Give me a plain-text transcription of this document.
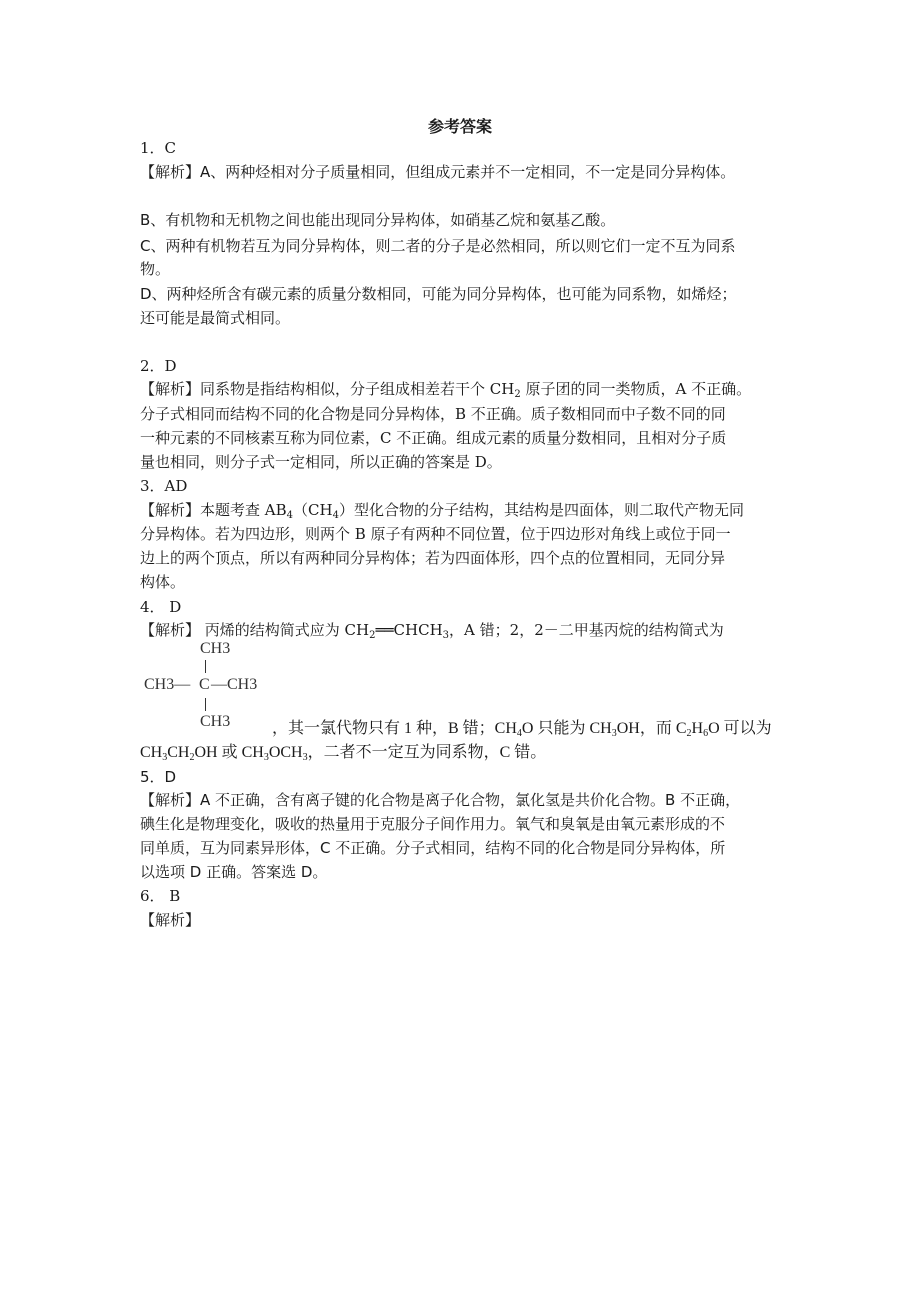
参考答案
1．C
【解析】A、两种烃相对分子质量相同，但组成元素并不一定相同，不一定是同分异构体。
B、有机物和无机物之间也能出现同分异构体，如硝基乙烷和氨基乙酸。
C、两种有机物若互为同分异构体，则二者的分子是必然相同，所以则它们一定不互为同系
物。
D、两种烃所含有碳元素的质量分数相同，可能为同分异构体，也可能为同系物，如烯烃；
还可能是最简式相同。
2．D
【解析】同系物是指结构相似，分子组成相差若干个 $CH_2$ 原子团的同一类物质，A 不正确。
分子式相同而结构不同的化合物是同分异构体，B 不正确。质子数相同而中子数不同的同
一种元素的不同核素互称为同位素，C 不正确。组成元素的质量分数相同，且相对分子质
量也相同，则分子式一定相同，所以正确的答案是 D。
3．AD
【解析】本题考查 $AB_4(CH_4)$型化合物的分子结构，其结构是四面体，则二取代产物无同
分异构体。若为四边形，则两个 B 原子有两种不同位置，位于四边形对角线上或位于同一
边上的两个顶点，所以有两种同分异构体；若为四面体形，四个点的位置相同，无同分异
构体。
4． D
【解析】 丙烯的结构简式应为 $CH_2══CHCH_3$，A 错；2，2－二甲基丙烷的结构简式为
CH3
CH3— C —CH3
CH3	，其一氯代物只有 1 种，B 错；$CH_4O$ 只能为 $CH_3OH$，而 $C_2H_6O$ 可以为
$CH_3CH_2OH$ 或 $CH_3OCH_3$，二者不一定互为同系物，C 错。
5．D
【解析】A 不正确，含有离子键的化合物是离子化合物，氯化氢是共价化合物。B 不正确，
碘生化是物理变化，吸收的热量用于克服分子间作用力。氧气和臭氧是由氧元素形成的不
同单质，互为同素异形体，C 不正确。分子式相同，结构不同的化合物是同分异构体，所
以选项 D 正确。答案选 D。
6． B
【解析】
